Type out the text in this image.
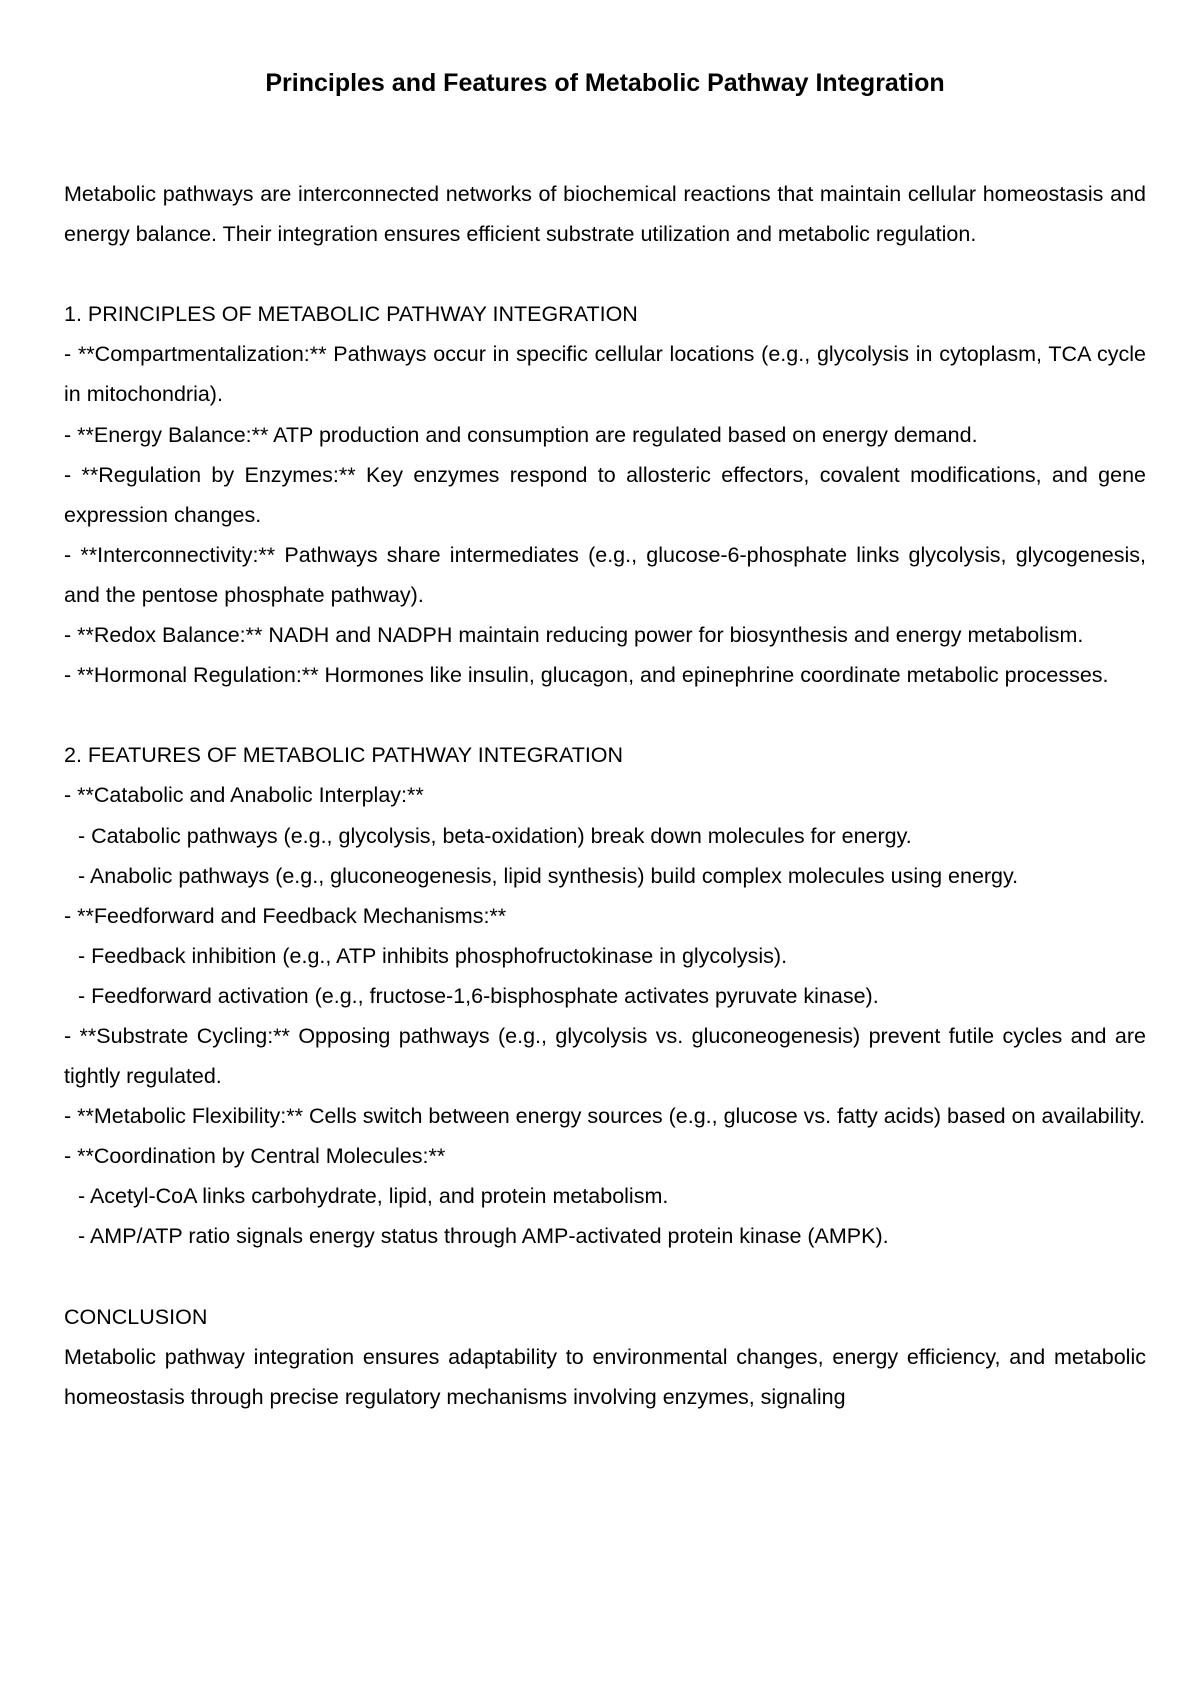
Principles and Features of Metabolic Pathway Integration

Metabolic pathways are interconnected networks of biochemical reactions that maintain cellular homeostasis and energy balance. Their integration ensures efficient substrate utilization and metabolic regulation.

1. PRINCIPLES OF METABOLIC PATHWAY INTEGRATION

- **Compartmentalization:** Pathways occur in specific cellular locations (e.g., glycolysis in cytoplasm, TCA cycle in mitochondria).

- **Energy Balance:** ATP production and consumption are regulated based on energy demand.

- **Regulation by Enzymes:** Key enzymes respond to allosteric effectors, covalent modifications, and gene expression changes.

- **Interconnectivity:** Pathways share intermediates (e.g., glucose-6-phosphate links glycolysis, glycogenesis, and the pentose phosphate pathway).

- **Redox Balance:** NADH and NADPH maintain reducing power for biosynthesis and energy metabolism.

- **Hormonal Regulation:** Hormones like insulin, glucagon, and epinephrine coordinate metabolic processes.

2. FEATURES OF METABOLIC PATHWAY INTEGRATION

- **Catabolic and Anabolic Interplay:**

- Catabolic pathways (e.g., glycolysis, beta-oxidation) break down molecules for energy.

- Anabolic pathways (e.g., gluconeogenesis, lipid synthesis) build complex molecules using energy.

- **Feedforward and Feedback Mechanisms:**

- Feedback inhibition (e.g., ATP inhibits phosphofructokinase in glycolysis).

- Feedforward activation (e.g., fructose-1,6-bisphosphate activates pyruvate kinase).

- **Substrate Cycling:** Opposing pathways (e.g., glycolysis vs. gluconeogenesis) prevent futile cycles and are tightly regulated.

- **Metabolic Flexibility:** Cells switch between energy sources (e.g., glucose vs. fatty acids) based on availability.

- **Coordination by Central Molecules:**

- Acetyl-CoA links carbohydrate, lipid, and protein metabolism.

- AMP/ATP ratio signals energy status through AMP-activated protein kinase (AMPK).

CONCLUSION

Metabolic pathway integration ensures adaptability to environmental changes, energy efficiency, and metabolic homeostasis through precise regulatory mechanisms involving enzymes, signaling
